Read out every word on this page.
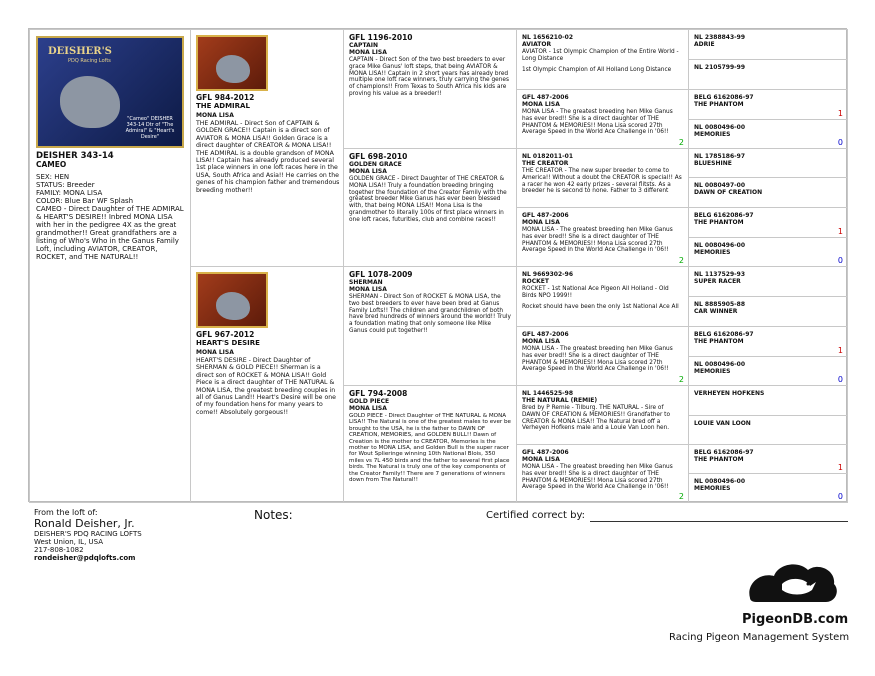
DEISHER'S
PDQ Racing Lofts
"Cameo" DEISHER 343-14 Dtr of "The Admiral" & "Heart's Desire"
DEISHER 343-14
CAMEO
SEX: HEN
STATUS: Breeder
FAMILY: MONA LISA
COLOR: Blue Bar WF Splash
CAMEO - Direct Daughter of THE ADMIRAL & HEART'S DESIRE!! Inbred MONA LISA with her in the pedigree 4X as the great grandmother!! Great grandfathers are a listing of Who's Who in the Ganus Family Loft, including AVIATOR, CREATOR, ROCKET, and THE NATURAL!!
GFL 984-2012
THE ADMIRAL
MONA LISA
THE ADMIRAL - Direct Son of CAPTAIN & GOLDEN GRACE!! Captain is a direct son of AVIATOR & MONA LISA!! Golden Grace is a direct daughter of CREATOR & MONA LISA!! THE ADMIRAL is a double grandson of MONA LISA!! Captain has already produced several 1st place winners in one loft races here in the USA, South Africa and Asia!! He carries on the genes of his champion father and tremendous breeding mother!!
GFL 967-2012
HEART'S DESIRE
MONA LISA
HEART'S DESIRE - Direct Daughter of SHERMAN & GOLD PIECE!! Sherman is a direct son of ROCKET & MONA LISA!! Gold Piece is a direct daughter of THE NATURAL & MONA LISA, the greatest breeding couples in all of Ganus Land!! Heart's Desire will be one of my foundation hens for many years to come!! Absolutely gorgeous!!
GFL 1196-2010
CAPTAIN
MONA LISA
CAPTAIN - Direct Son of the two best breeders to ever grace Mike Ganus' loft steps, that being AVIATOR & MONA LISA!! Captain in 2 short years has already bred multiple one loft race winners, truly carrying the genes of champions!! From Texas to South Africa his kids are proving his value as a breeder!!
GFL 698-2010
GOLDEN GRACE
MONA LISA
GOLDEN GRACE - Direct Daughter of THE CREATOR & MONA LISA!! Truly a foundation breeding bringing together the foundation of the Creator Family with the greatest breeder Mike Ganus has ever been blessed with, that being MONA LISA!! Mona Lisa is the grandmother to literally 100s of first place winners in one loft races, futurities, club and combine races!!
GFL 1078-2009
SHERMAN
MONA LISA
SHERMAN - Direct Son of ROCKET & MONA LISA, the two best breeders to ever have been bred at Ganus Family Lofts!! The children and grandchildren of both have bred hundreds of winners around the world!! Truly a foundation mating that only someone like Mike Ganus could put together!!
GFL 794-2008
GOLD PIECE
MONA LISA
GOLD PIECE - Direct Daughter of THE NATURAL & MONA LISA!! The Natural is one of the greatest males to ever be brought to the USA, he is the father to DAWN OF CREATION, MEMORIES, and GOLDEN BULL!! Dawn of Creation is the mother to CREATOR, Memories is the mother to MONA LISA, and Golden Bull is the super racer for Wout Splieringe winning 10th National Blois, 350 miles vs 7L 450 birds and the father to several first place birds. The Natural is truly one of the key components of the Creator Family!! There are 7 generations of winners down from The Natural!!
NL 1656210-02
AVIATOR
AVIATOR - 1st Olympic Champion of the Entire World - Long Distance
1st Olympic Champion of All Holland Long Distance
GFL 487-2006
MONA LISA
MONA LISA - The greatest breeding hen Mike Ganus has ever bred!! She is a direct daughter of THE PHANTOM & MEMORIES!! Mona Lisa scored 27th Average Speed in the World Ace Challenge in '06!!
2
NL 0182011-01
THE CREATOR
THE CREATOR - The new super breeder to come to America!! Without a doubt the CREATOR is special!! As a racer he won 42 early prizes - several flitsts. As a breeder he is second to none. Father to 3 different
GFL 487-2006
MONA LISA
MONA LISA - The greatest breeding hen Mike Ganus has ever bred!! She is a direct daughter of THE PHANTOM & MEMORIES!! Mona Lisa scored 27th Average Speed in the World Ace Challenge in '06!!
2
NL 9669302-96
ROCKET
ROCKET - 1st National Ace Pigeon All Holland - Old Birds NPO 1999!!
Rocket should have been the only 1st National Ace All
GFL 487-2006
MONA LISA
MONA LISA - The greatest breeding hen Mike Ganus has ever bred!! She is a direct daughter of THE PHANTOM & MEMORIES!! Mona Lisa scored 27th Average Speed in the World Ace Challenge in '06!!
2
NL 1446525-98
THE NATURAL (REMIE)
Bred by P Remie - Tilburg. THE NATURAL - Sire of DAWN OF CREATION & MEMORIES!! Grandfather to CREATOR & MONA LISA!! The Natural bred off a Verheyen Hofkens male and a Louie Van Loon hen.
GFL 487-2006
MONA LISA
MONA LISA - The greatest breeding hen Mike Ganus has ever bred!! She is a direct daughter of THE PHANTOM & MEMORIES!! Mona Lisa scored 27th Average Speed in the World Ace Challenge in '06!!
2
NL 2388843-99
ADRIE
NL 2105799-99
BELG 6162086-97
THE PHANTOM
1
NL 0080496-00
MEMORIES
0
NL 1785186-97
BLUESHINE
NL 0080497-00
DAWN OF CREATION
BELG 6162086-97
THE PHANTOM
1
NL 0080496-00
MEMORIES
0
NL 1137529-93
SUPER RACER
NL 8885905-88
CAR WINNER
BELG 6162086-97
THE PHANTOM
1
NL 0080496-00
MEMORIES
0
VERHEYEN HOFKENS
LOUIE VAN LOON
BELG 6162086-97
THE PHANTOM
1
NL 0080496-00
MEMORIES
0
From the loft of:
Ronald Deisher, Jr.
DEISHER'S PDQ RACING LOFTS
West Union, IL, USA
217-808-1082
rondeisher@pdqlofts.com
Notes:	Certified correct by:
PigeonDB.com
Racing Pigeon Management System
